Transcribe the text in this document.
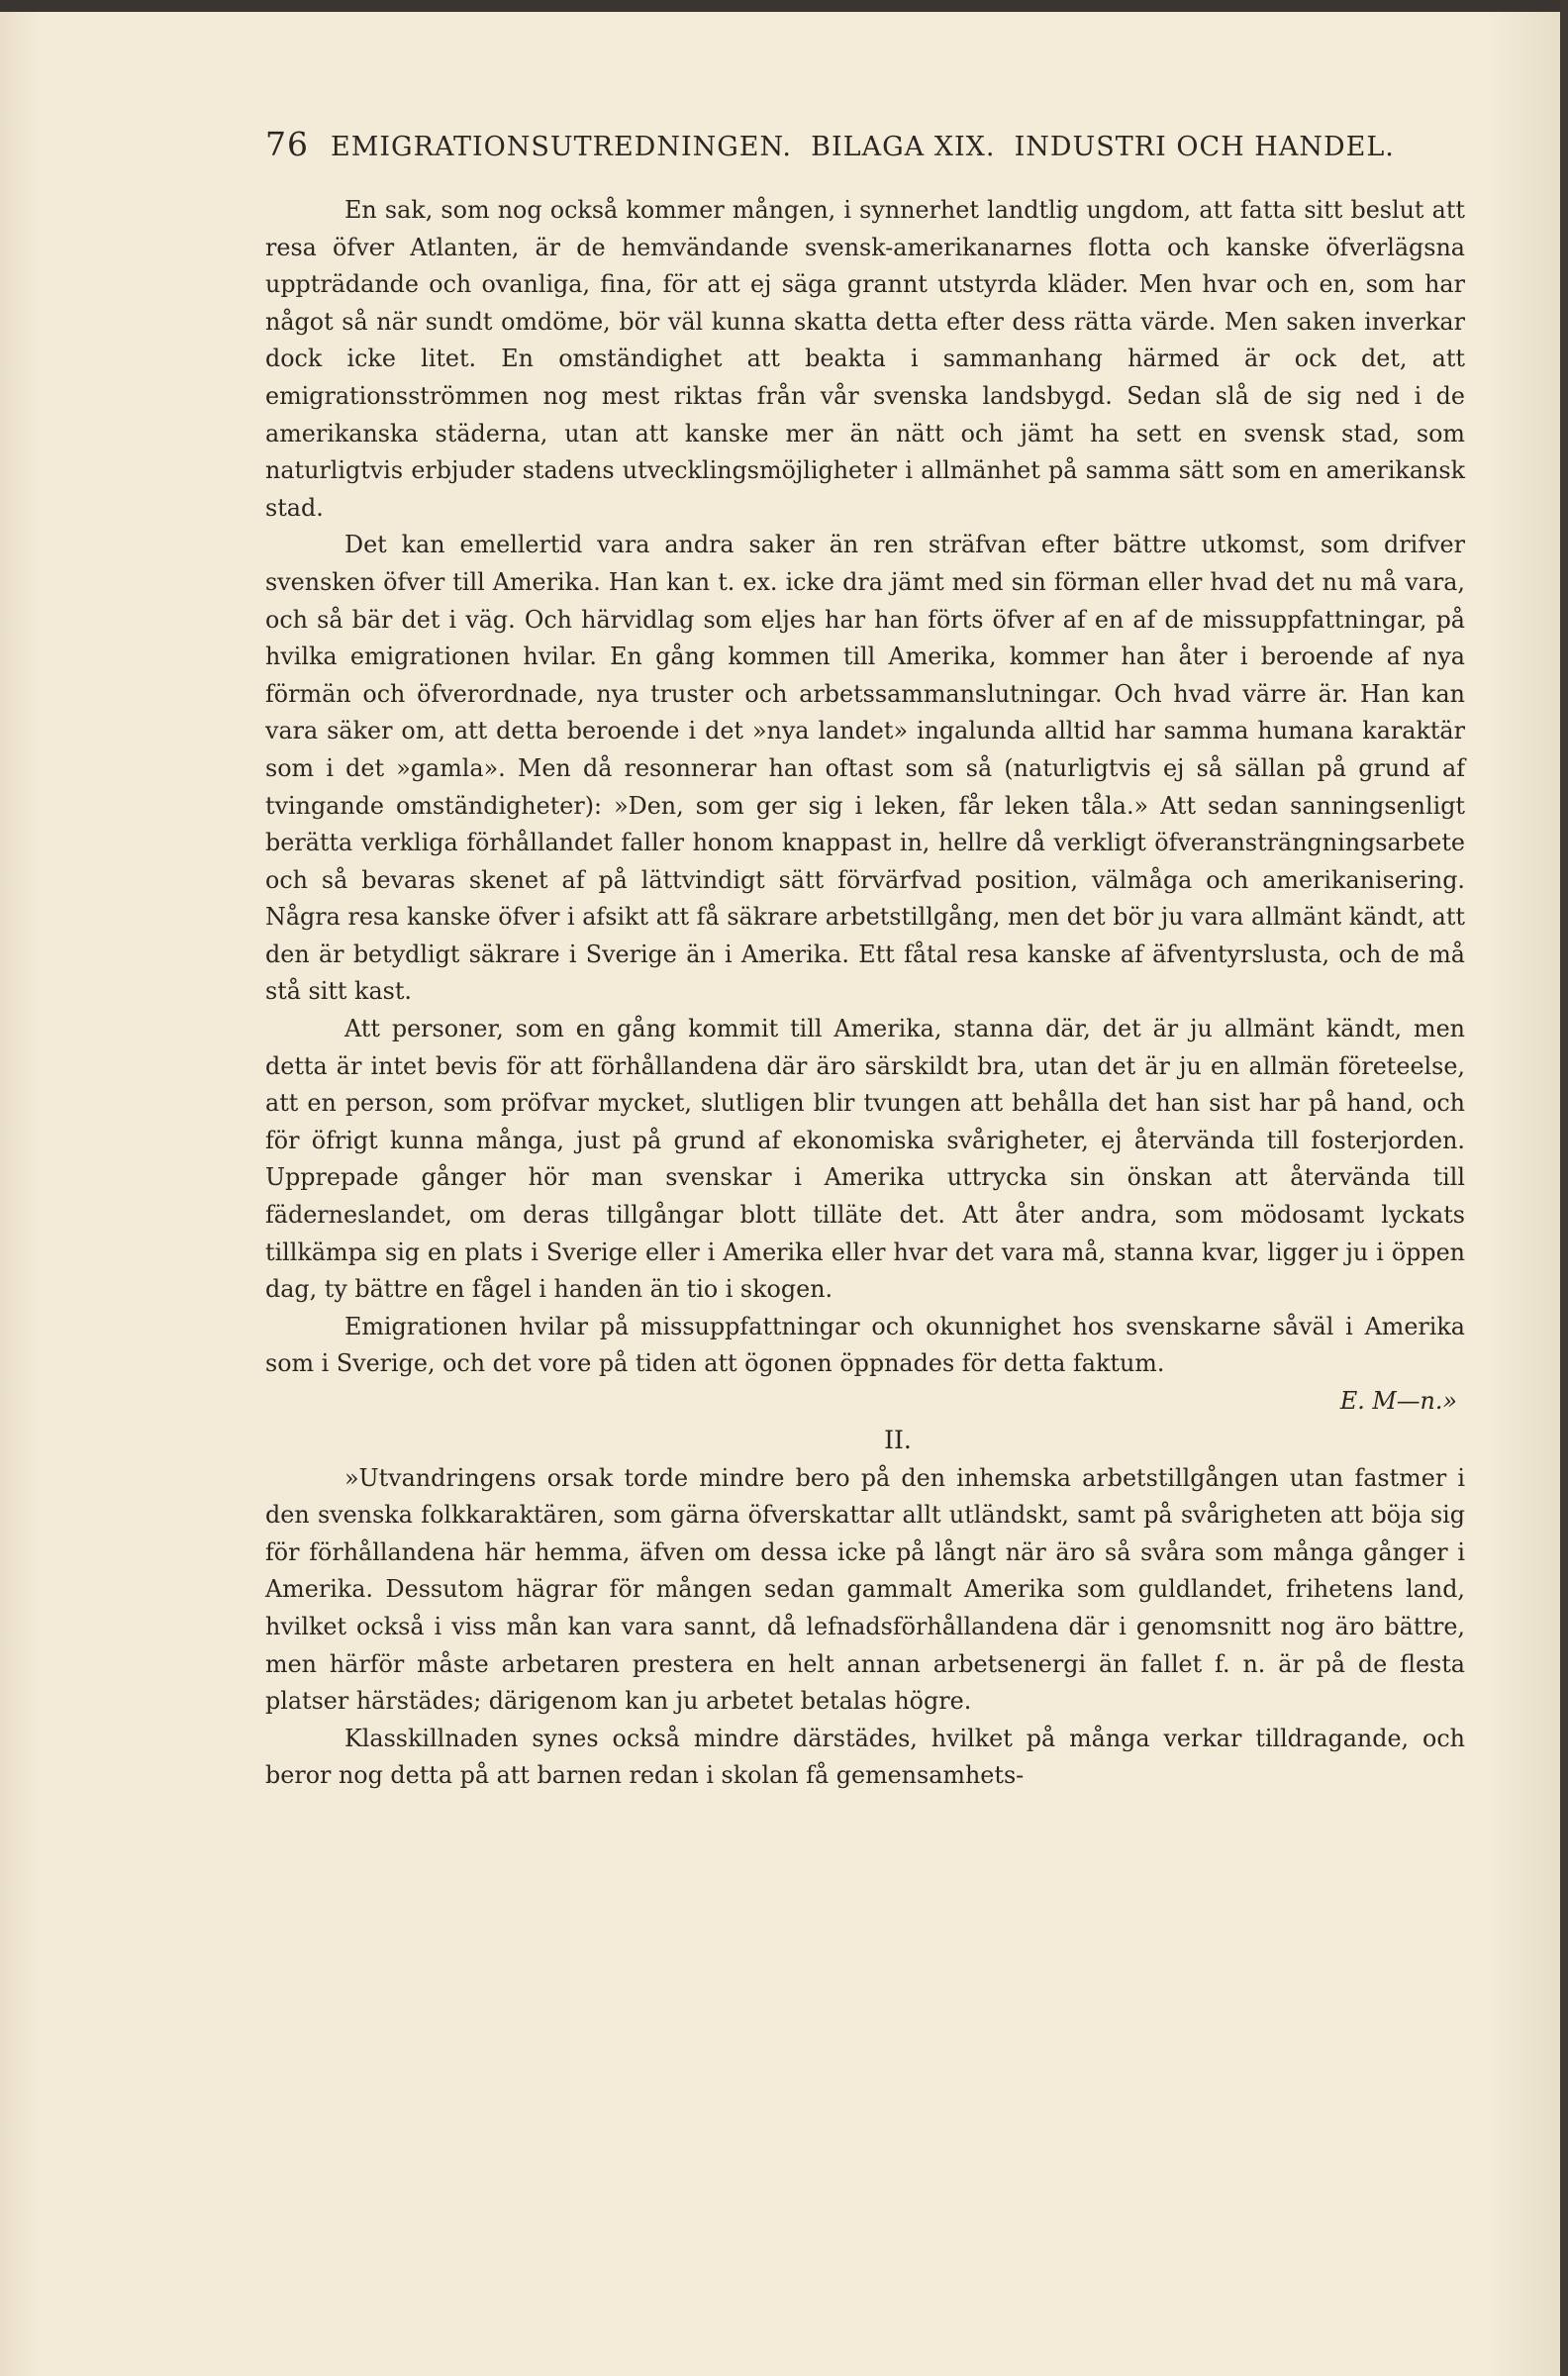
76 EMIGRATIONSUTREDNINGEN.  BILAGA XIX.  INDUSTRI OCH HANDEL.

En sak, som nog också kommer mången, i synnerhet landtlig ungdom, att fatta sitt beslut att resa öfver Atlanten, är de hemvändande svensk-amerikanarnes flotta och kanske öfverlägsna uppträdande och ovanliga, fina, för att ej säga grannt utstyrda kläder. Men hvar och en, som har något så när sundt omdöme, bör väl kunna skatta detta efter dess rätta värde. Men saken inverkar dock icke litet. En omständighet att beakta i sammanhang härmed är ock det, att emigrationsströmmen nog mest riktas från vår svenska landsbygd. Sedan slå de sig ned i de amerikanska städerna, utan att kanske mer än nätt och jämt ha sett en svensk stad, som naturligtvis erbjuder stadens utvecklingsmöjligheter i allmänhet på samma sätt som en amerikansk stad.

Det kan emellertid vara andra saker än ren sträfvan efter bättre utkomst, som drifver svensken öfver till Amerika. Han kan t. ex. icke dra jämt med sin förman eller hvad det nu må vara, och så bär det i väg. Och härvidlag som eljes har han förts öfver af en af de missuppfattningar, på hvilka emigrationen hvilar. En gång kommen till Amerika, kommer han åter i beroende af nya förmän och öfverordnade, nya truster och arbetssammanslutningar. Och hvad värre är. Han kan vara säker om, att detta beroende i det »nya landet» ingalunda alltid har samma humana karaktär som i det »gamla». Men då resonnerar han oftast som så (naturligtvis ej så sällan på grund af tvingande omständigheter): »Den, som ger sig i leken, får leken tåla.» Att sedan sanningsenligt berätta verkliga förhållandet faller honom knappast in, hellre då verkligt öfveransträngningsarbete och så bevaras skenet af på lättvindigt sätt förvärfvad position, välmåga och amerikanisering. Några resa kanske öfver i afsikt att få säkrare arbetstillgång, men det bör ju vara allmänt kändt, att den är betydligt säkrare i Sverige än i Amerika. Ett fåtal resa kanske af äfventyrslusta, och de må stå sitt kast.

Att personer, som en gång kommit till Amerika, stanna där, det är ju allmänt kändt, men detta är intet bevis för att förhållandena där äro särskildt bra, utan det är ju en allmän företeelse, att en person, som pröfvar mycket, slutligen blir tvungen att behålla det han sist har på hand, och för öfrigt kunna många, just på grund af ekonomiska svårigheter, ej återvända till fosterjorden. Upprepade gånger hör man svenskar i Amerika uttrycka sin önskan att återvända till fäderneslandet, om deras tillgångar blott tilläte det. Att åter andra, som mödosamt lyckats tillkämpa sig en plats i Sverige eller i Amerika eller hvar det vara må, stanna kvar, ligger ju i öppen dag, ty bättre en fågel i handen än tio i skogen.

Emigrationen hvilar på missuppfattningar och okunnighet hos svenskarne såväl i Amerika som i Sverige, och det vore på tiden att ögonen öppnades för detta faktum.

E. M—n.»

II.

»Utvandringens orsak torde mindre bero på den inhemska arbetstillgången utan fastmer i den svenska folkkaraktären, som gärna öfverskattar allt utländskt, samt på svårigheten att böja sig för förhållandena här hemma, äfven om dessa icke på långt när äro så svåra som många gånger i Amerika. Dessutom hägrar för mången sedan gammalt Amerika som guldlandet, frihetens land, hvilket också i viss mån kan vara sannt, då lefnadsförhållandena där i genomsnitt nog äro bättre, men härför måste arbetaren prestera en helt annan arbetsenergi än fallet f. n. är på de flesta platser härstädes; därigenom kan ju arbetet betalas högre.

Klasskillnaden synes också mindre därstädes, hvilket på många verkar tilldragande, och beror nog detta på att barnen redan i skolan få gemensamhets-
